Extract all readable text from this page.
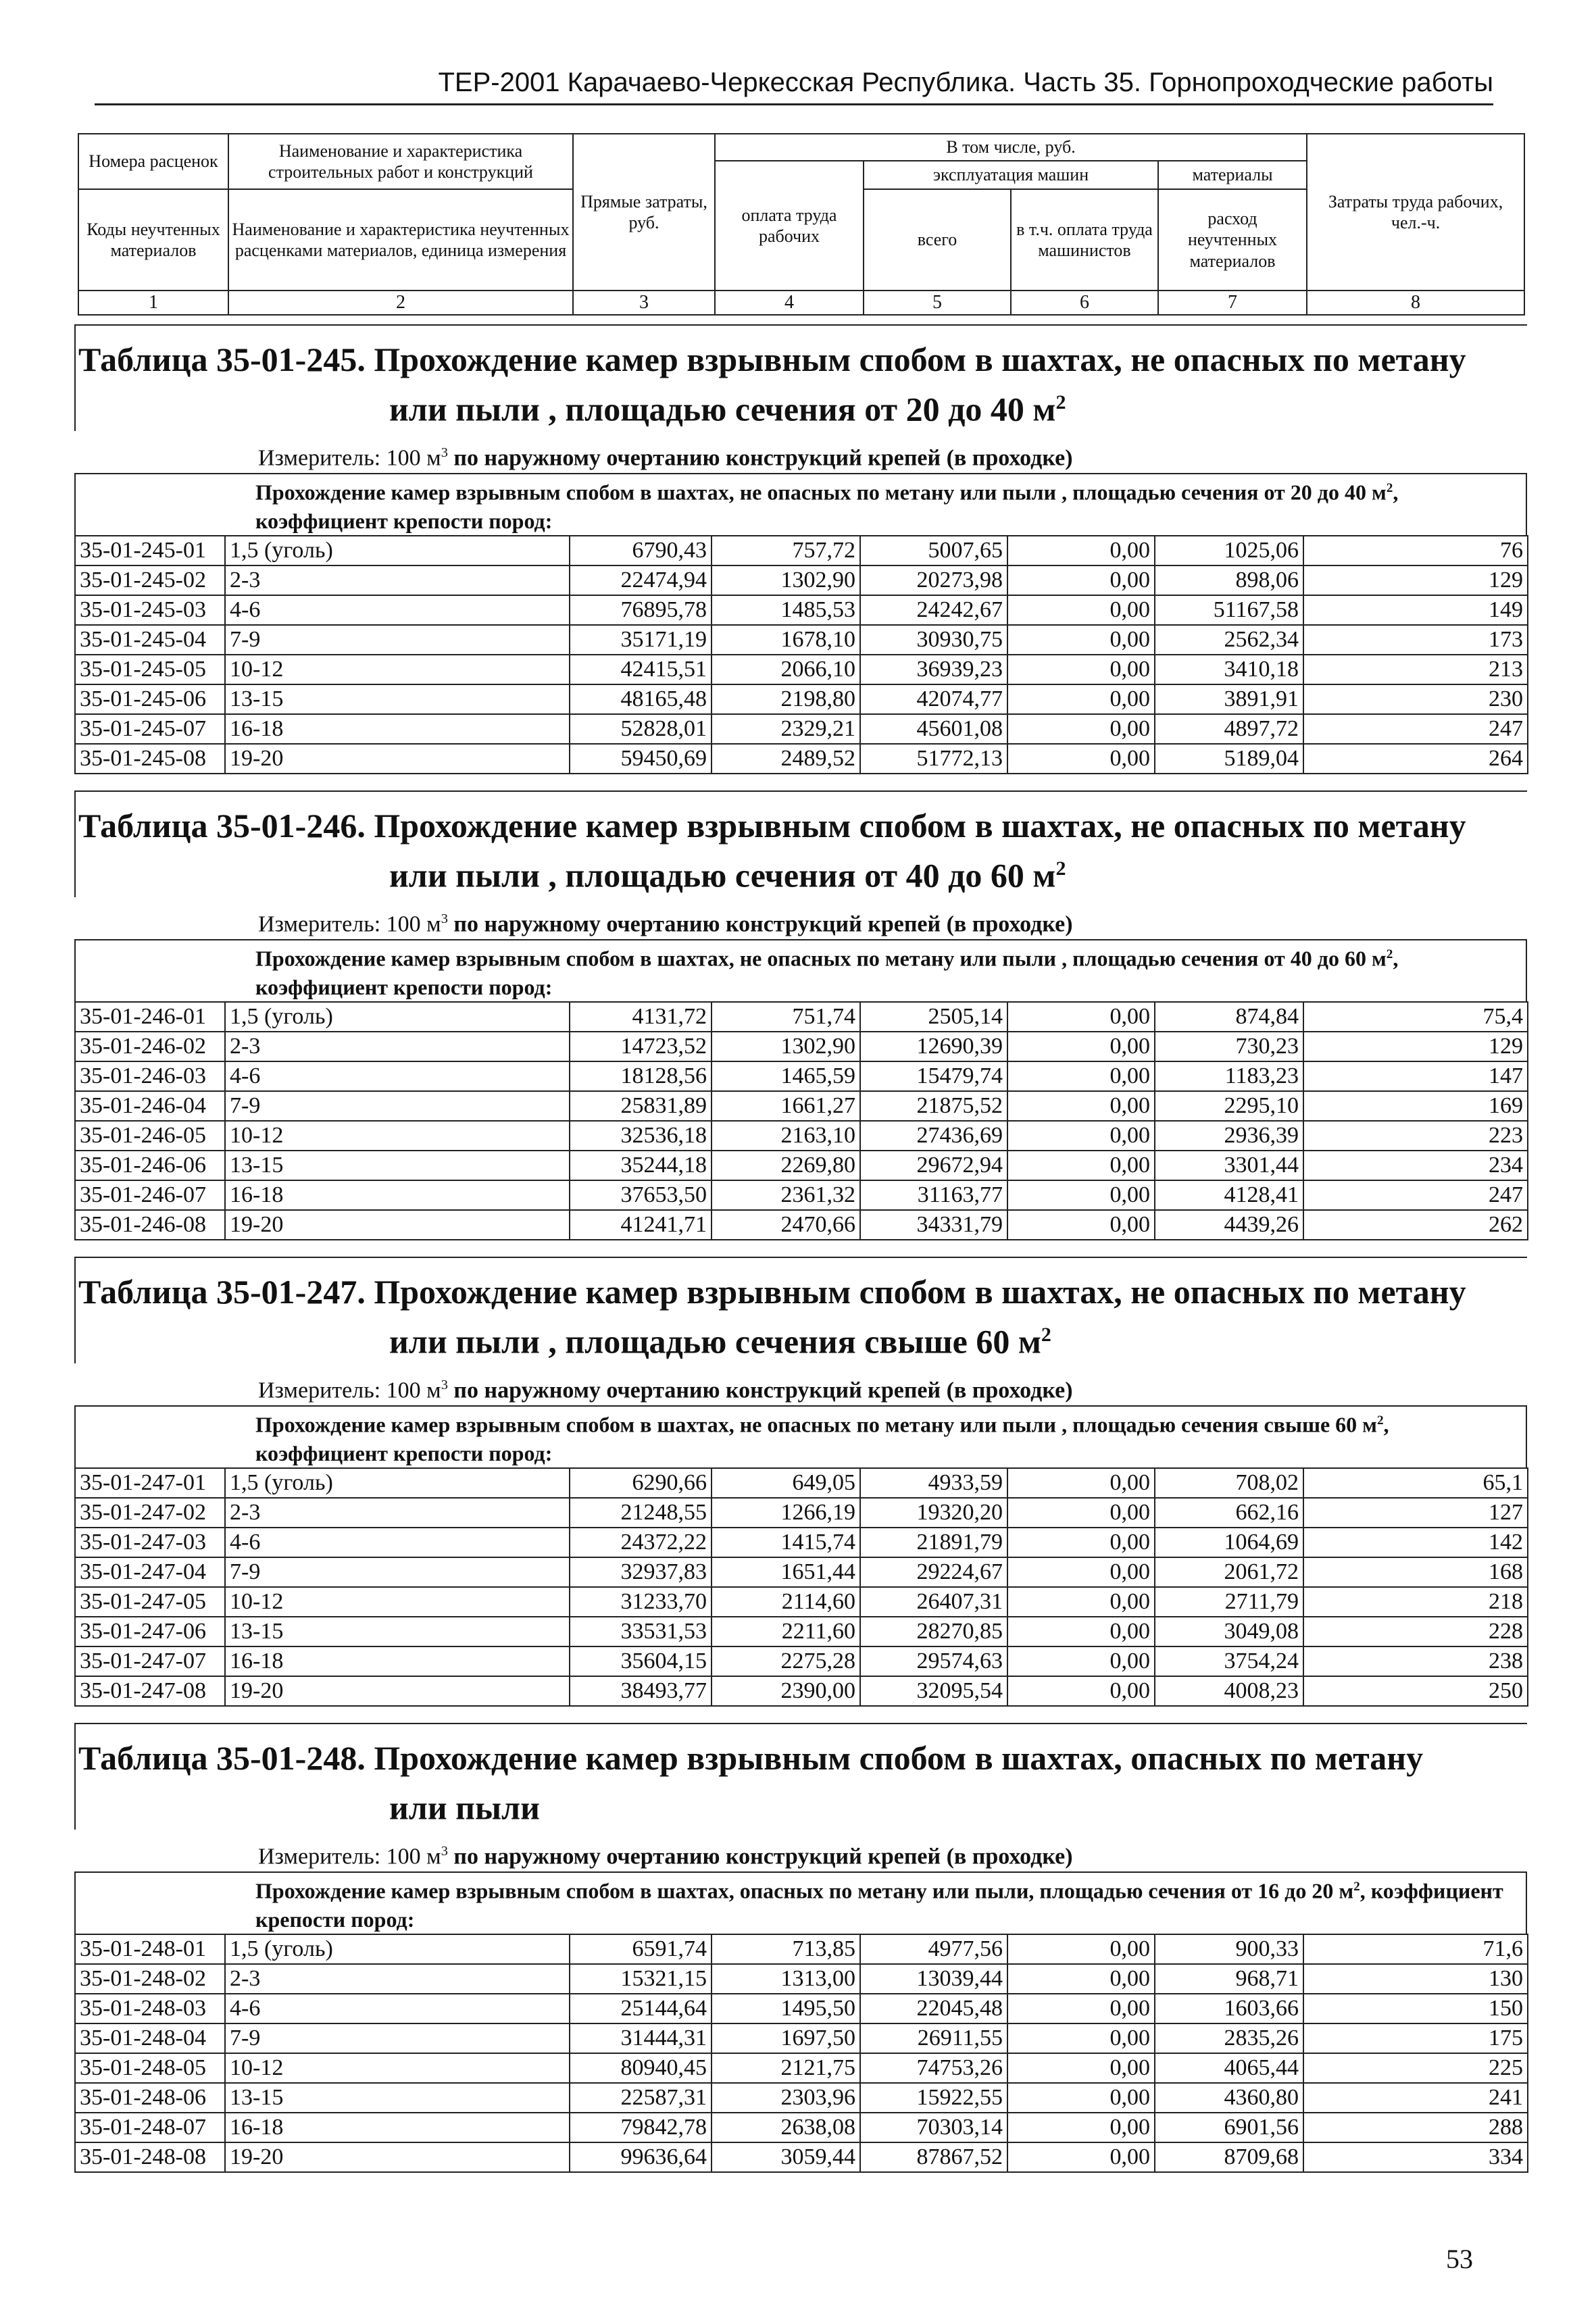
ТЕР-2001 Карачаево-Черкесская Республика. Часть 35. Горнопроходческие работы
Номера расценок	Наименование и характеристика строительных работ и конструкций	Прямые затраты, руб.	В том числе, руб.				Затраты труда рабочих, чел.-ч.
			оплата труда рабочих	эксплуатация машин		материалы	
Коды неучтенных материалов	Наименование и характеристика неучтенных расценками материалов, единица измерения			всего	в т.ч. оплата труда машинистов	расход неучтенных материалов	

1	2	3	4	5	6	7	8
Таблица 35-01-245. Прохождение камер взрывным спобом в шахтах, не опасных по метану
или пыли , площадью сечения от 20 до 40 $м^2$
Измеритель: 100 $м^3$ по наружному очертанию конструкций крепей (в проходке)
Прохождение камер взрывным спобом в шахтах, не опасных по метану или пыли , площадью сечения от 20 до 40 $м^2$, коэффициент крепости пород:
35-01-245-01	1,5 (уголь)	6790,43	757,72	5007,65	0,00	1025,06	76
35-01-245-02	2-3	22474,94	1302,90	20273,98	0,00	898,06	129
35-01-245-03	4-6	76895,78	1485,53	24242,67	0,00	51167,58	149
35-01-245-04	7-9	35171,19	1678,10	30930,75	0,00	2562,34	173
35-01-245-05	10-12	42415,51	2066,10	36939,23	0,00	3410,18	213
35-01-245-06	13-15	48165,48	2198,80	42074,77	0,00	3891,91	230
35-01-245-07	16-18	52828,01	2329,21	45601,08	0,00	4897,72	247
35-01-245-08	19-20	59450,69	2489,52	51772,13	0,00	5189,04	264
Таблица 35-01-246. Прохождение камер взрывным спобом в шахтах, не опасных по метану
или пыли , площадью сечения от 40 до 60 $м^2$
Измеритель: 100 $м^3$ по наружному очертанию конструкций крепей (в проходке)
Прохождение камер взрывным спобом в шахтах, не опасных по метану или пыли , площадью сечения от 40 до 60 $м^2$, коэффициент крепости пород:
35-01-246-01	1,5 (уголь)	4131,72	751,74	2505,14	0,00	874,84	75,4
35-01-246-02	2-3	14723,52	1302,90	12690,39	0,00	730,23	129
35-01-246-03	4-6	18128,56	1465,59	15479,74	0,00	1183,23	147
35-01-246-04	7-9	25831,89	1661,27	21875,52	0,00	2295,10	169
35-01-246-05	10-12	32536,18	2163,10	27436,69	0,00	2936,39	223
35-01-246-06	13-15	35244,18	2269,80	29672,94	0,00	3301,44	234
35-01-246-07	16-18	37653,50	2361,32	31163,77	0,00	4128,41	247
35-01-246-08	19-20	41241,71	2470,66	34331,79	0,00	4439,26	262
Таблица 35-01-247. Прохождение камер взрывным спобом в шахтах, не опасных по метану
или пыли , площадью сечения свыше 60 $м^2$
Измеритель: 100 $м^3$ по наружному очертанию конструкций крепей (в проходке)
Прохождение камер взрывным спобом в шахтах, не опасных по метану или пыли , площадью сечения свыше 60 $м^2$, коэффициент крепости пород:
35-01-247-01	1,5 (уголь)	6290,66	649,05	4933,59	0,00	708,02	65,1
35-01-247-02	2-3	21248,55	1266,19	19320,20	0,00	662,16	127
35-01-247-03	4-6	24372,22	1415,74	21891,79	0,00	1064,69	142
35-01-247-04	7-9	32937,83	1651,44	29224,67	0,00	2061,72	168
35-01-247-05	10-12	31233,70	2114,60	26407,31	0,00	2711,79	218
35-01-247-06	13-15	33531,53	2211,60	28270,85	0,00	3049,08	228
35-01-247-07	16-18	35604,15	2275,28	29574,63	0,00	3754,24	238
35-01-247-08	19-20	38493,77	2390,00	32095,54	0,00	4008,23	250
Таблица 35-01-248. Прохождение камер взрывным спобом в шахтах, опасных по метану
или пыли
Измеритель: 100 $м^3$ по наружному очертанию конструкций крепей (в проходке)
Прохождение камер взрывным спобом в шахтах, опасных по метану или пыли, площадью сечения от 16 до 20 $м^2$, коэффициент крепости пород:
35-01-248-01	1,5 (уголь)	6591,74	713,85	4977,56	0,00	900,33	71,6
35-01-248-02	2-3	15321,15	1313,00	13039,44	0,00	968,71	130
35-01-248-03	4-6	25144,64	1495,50	22045,48	0,00	1603,66	150
35-01-248-04	7-9	31444,31	1697,50	26911,55	0,00	2835,26	175
35-01-248-05	10-12	80940,45	2121,75	74753,26	0,00	4065,44	225
35-01-248-06	13-15	22587,31	2303,96	15922,55	0,00	4360,80	241
35-01-248-07	16-18	79842,78	2638,08	70303,14	0,00	6901,56	288
35-01-248-08	19-20	99636,64	3059,44	87867,52	0,00	8709,68	334
53
